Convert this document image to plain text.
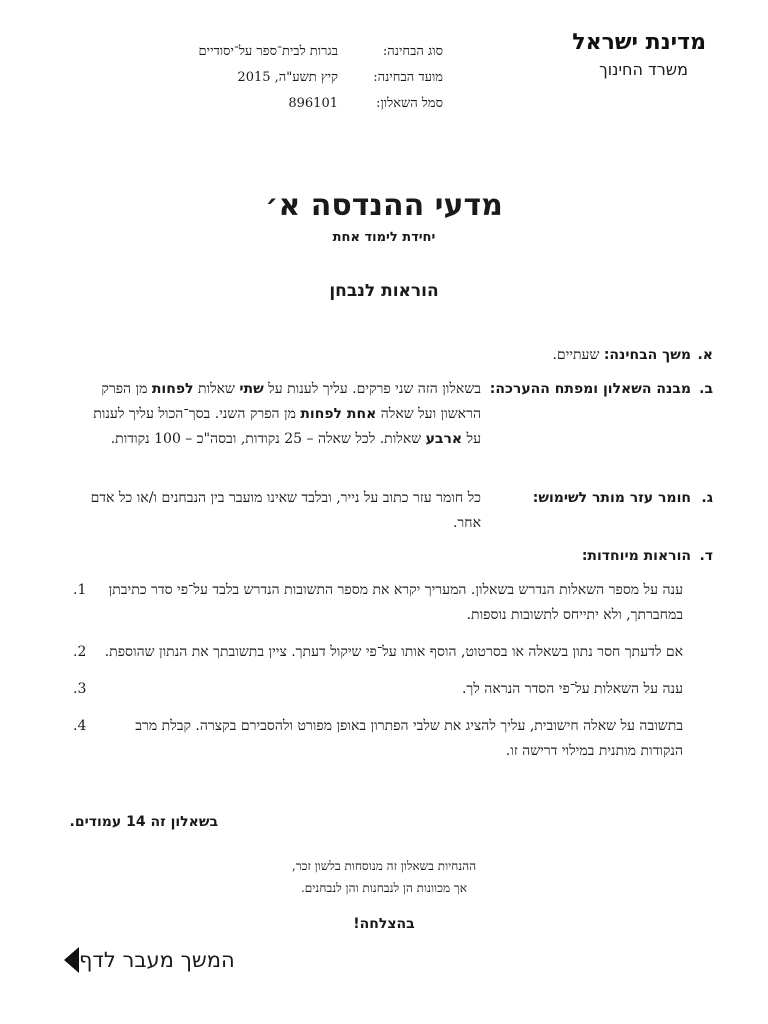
מדינת ישראל
משרד החינוך
סוג הבחינה:
בגרות לבית־ספר על־יסודיים
מועד הבחינה:
קיץ תשע"ה, 2015
סמל השאלון:
896101
מדעי ההנדסה א׳
יחידת לימוד אחת
הוראות לנבחן
א.
משך הבחינה: שעתיים.
ב.
מבנה השאלון ומפתח ההערכה:
בשאלון הזה שני פרקים. עליך לענות על שתי שאלות לפחות מן הפרק הראשון ועל שאלה אחת לפחות מן הפרק השני. בסך־הכול עליך לענות על ארבע שאלות. לכל שאלה – 25 נקודות, ובסה"כ – 100 נקודות.
ג.
חומר עזר מותר לשימוש:
כל חומר עזר כתוב על נייר, ובלבד שאינו מועבר בין הנבחנים ו/או כל אדם אחר.
ד.
הוראות מיוחדות:
ענה על מספר השאלות הנדרש בשאלון. המעריך יקרא את מספר התשובות הנדרש בלבד על־פי סדר כתיבתן במחברתך, ולא יתייחס לתשובות נוספות.
1.
אם לדעתך חסר נתון בשאלה או בסרטוט, הוסף אותו על־פי שיקול דעתך. ציין בתשובתך את הנתון שהוספת.
2.
ענה על השאלות על־פי הסדר הנראה לך.
3.
בתשובה על שאלה חישובית, עליך להציג את שלבי הפתרון באופן מפורט ולהסבירם בקצרה. קבלת מרב הנקודות מותנית במילוי דרישה זו.
4.
בשאלון זה 14 עמודים.
ההנחיות בשאלון זה מנוסחות בלשון זכר,
אך מכוונות הן לנבחנות והן לנבחנים.
בהצלחה!
המשך מעבר לדף
